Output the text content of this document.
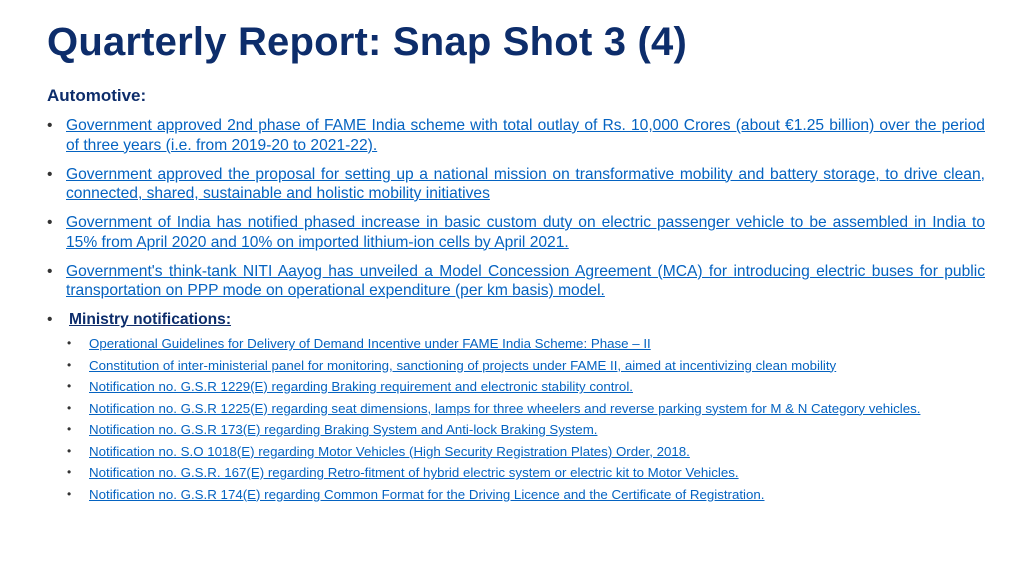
Quarterly Report: Snap Shot 3 (4)
Automotive:
• Government approved 2nd phase of FAME India scheme with total outlay of Rs. 10,000 Crores (about €1.25 billion) over the period of three years (i.e. from 2019-20 to 2021-22).
• Government approved the proposal for setting up a national mission on transformative mobility and battery storage, to drive clean, connected, shared, sustainable and holistic mobility initiatives
• Government of India has notified phased increase in basic custom duty on electric passenger vehicle to be assembled in India to 15% from April 2020 and 10% on imported lithium-ion cells by April 2021.
• Government's think-tank NITI Aayog has unveiled a Model Concession Agreement (MCA) for introducing electric buses for public transportation on PPP mode on operational expenditure (per km basis) model.
• Ministry notifications:
• Operational Guidelines for Delivery of Demand Incentive under FAME India Scheme: Phase – II
• Constitution of inter-ministerial panel for monitoring, sanctioning of projects under FAME II, aimed at incentivizing clean mobility
• Notification no. G.S.R 1229(E) regarding Braking requirement and electronic stability control.
• Notification no. G.S.R 1225(E) regarding seat dimensions, lamps for three wheelers and reverse parking system for M & N Category vehicles.
• Notification no. G.S.R 173(E) regarding Braking System and Anti-lock Braking System.
• Notification no. S.O 1018(E) regarding Motor Vehicles (High Security Registration Plates) Order, 2018.
• Notification no. G.S.R. 167(E) regarding Retro-fitment of hybrid electric system or electric kit to Motor Vehicles.
• Notification no. G.S.R 174(E) regarding Common Format for the Driving Licence and the Certificate of Registration.
